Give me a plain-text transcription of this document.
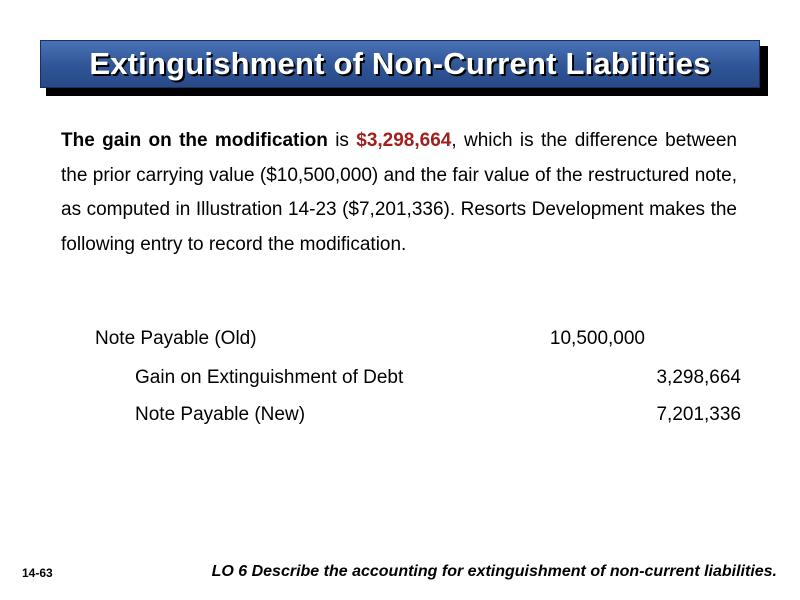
Extinguishment of Non-Current Liabilities
The gain on the modification is $3,298,664, which is the difference between the prior carrying value ($10,500,000) and the fair value of the restructured note, as computed in Illustration 14-23 ($7,201,336). Resorts Development makes the following entry to record the modification.
Note Payable (Old)	10,500,000
Gain on Extinguishment of Debt	3,298,664
Note Payable (New)	7,201,336
14-63	LO 6 Describe the accounting for extinguishment of non-current liabilities.
